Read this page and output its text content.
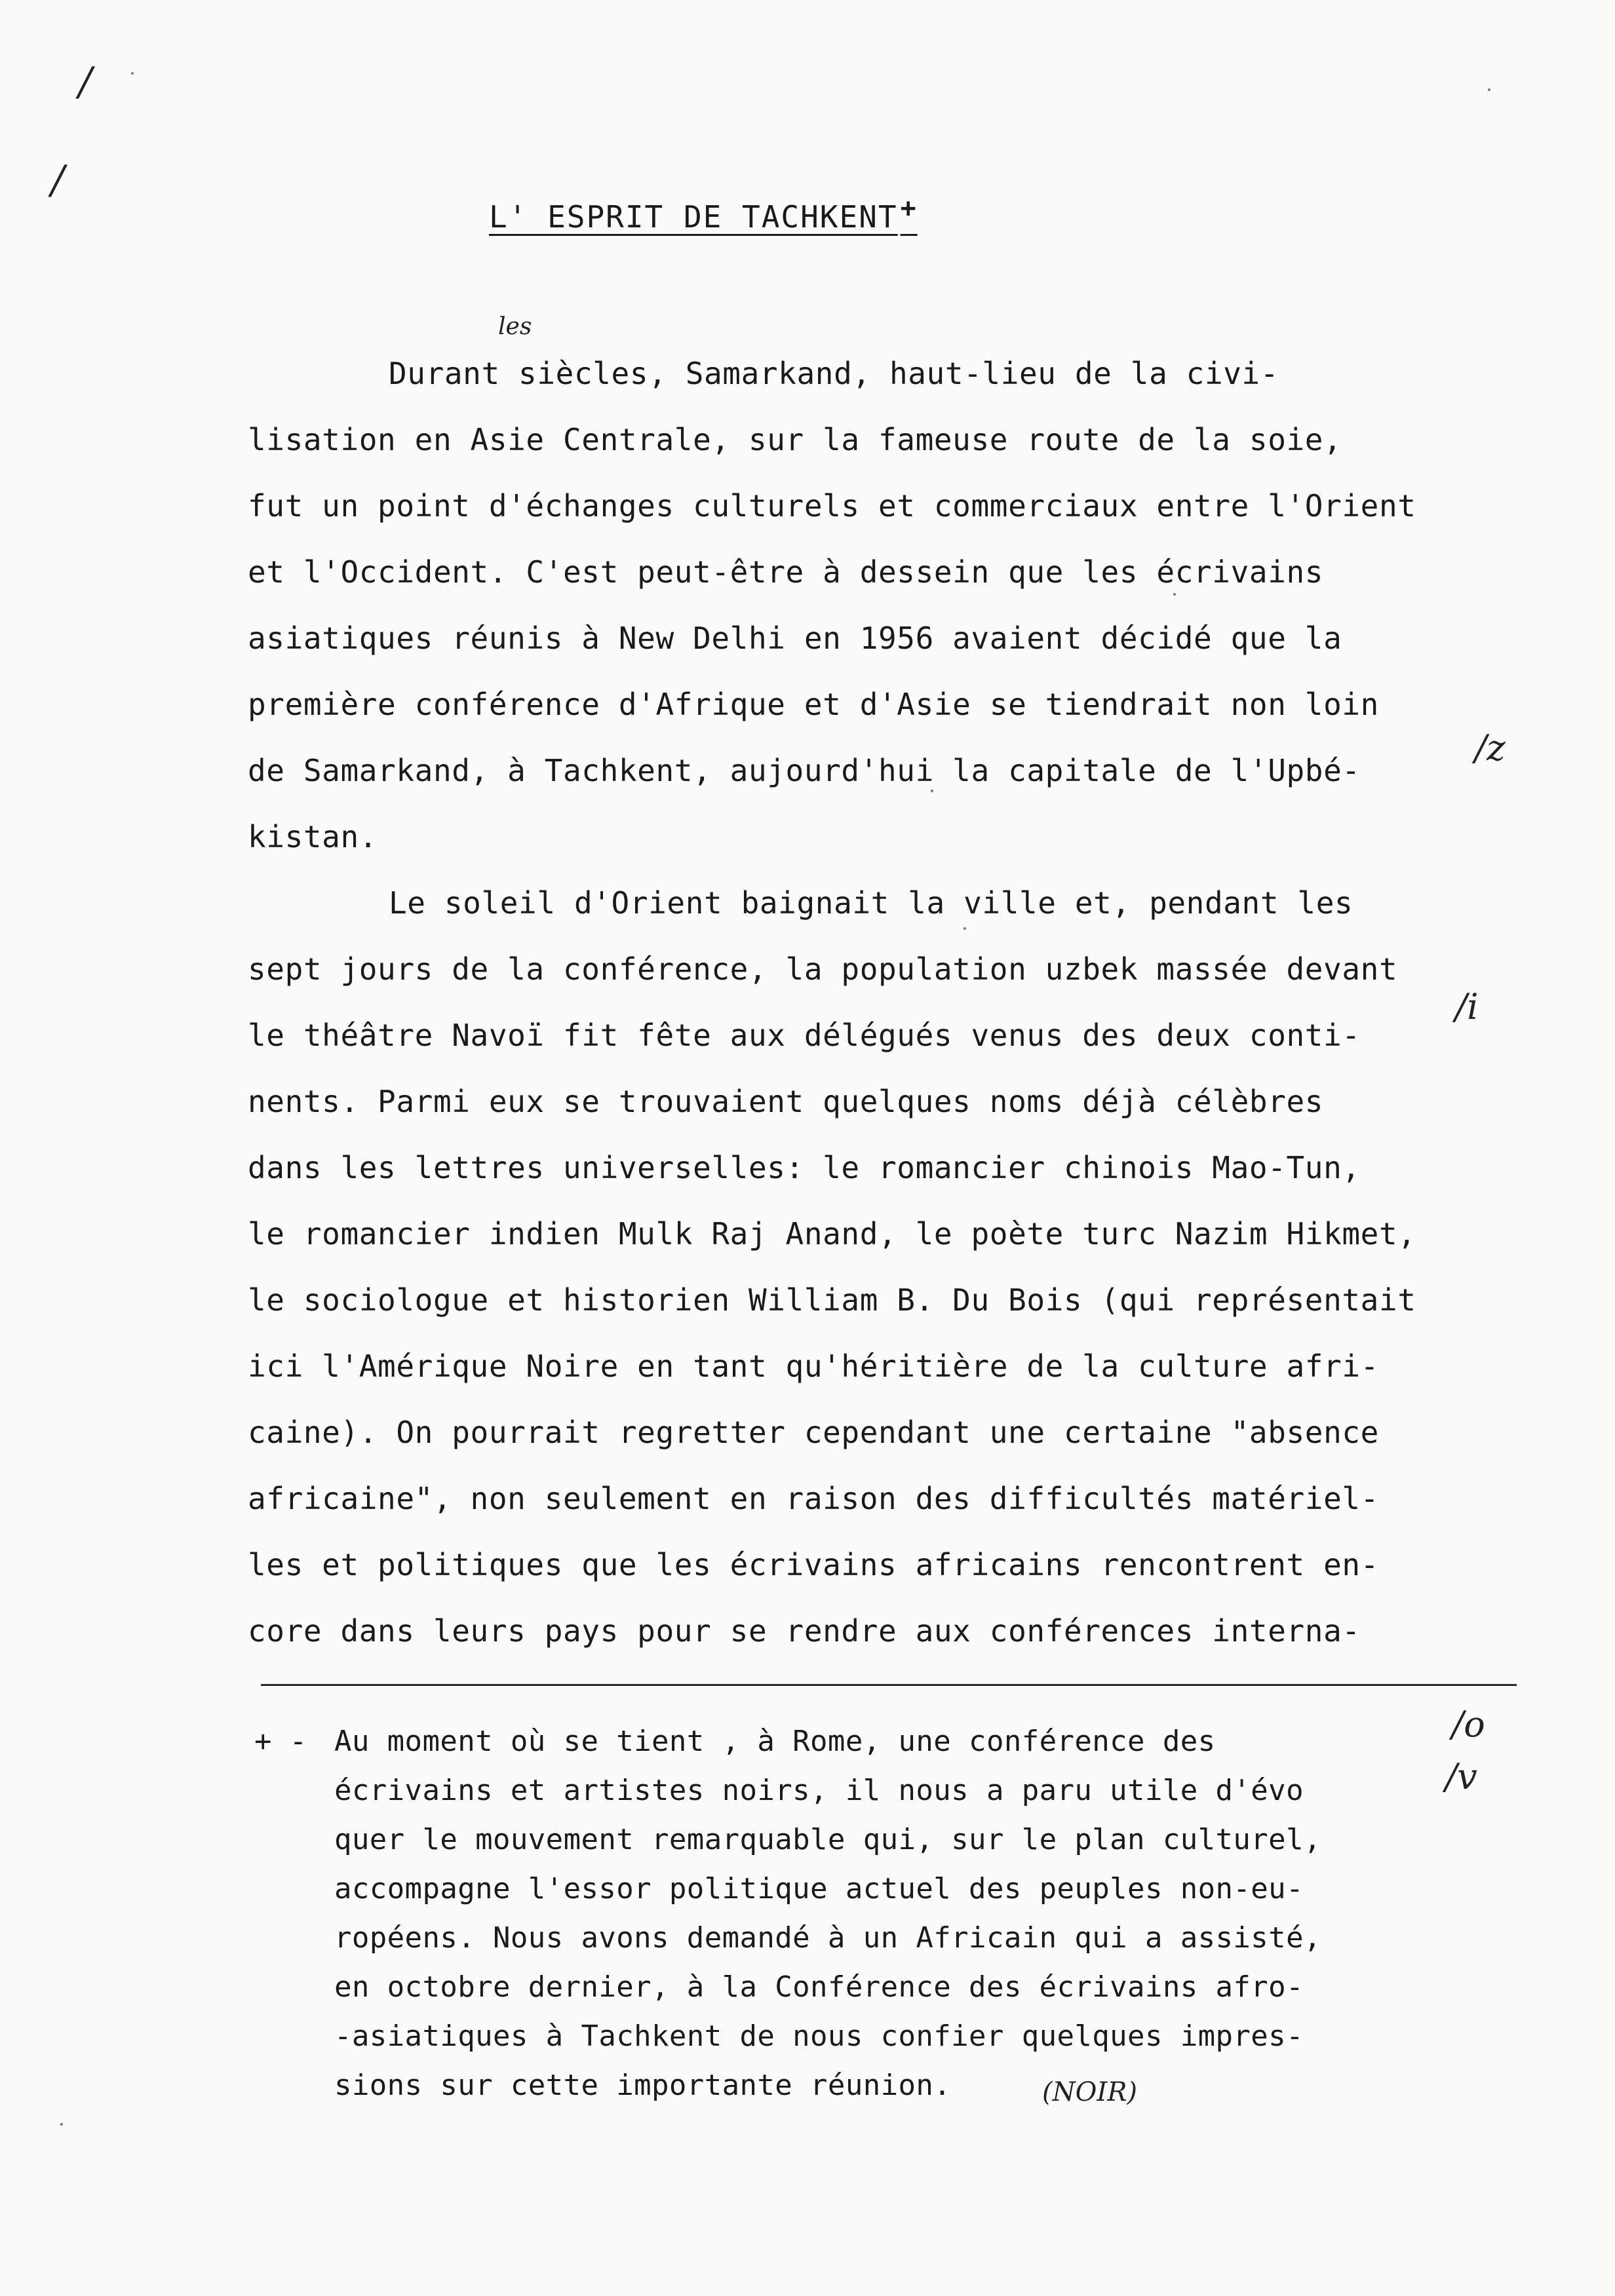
/
/
L' ESPRIT DE TACHKENT +
les
/z
/i
/o
/v
(NOIR)
Durant siècles, Samarkand, haut-lieu de la civi-
lisation en Asie Centrale, sur la fameuse route de la soie,
fut un point d'échanges culturels et commerciaux entre l'Orient
et l'Occident. C'est peut-être à dessein que les écrivains
asiatiques réunis à New Delhi en 1956 avaient décidé que la
première conférence d'Afrique et d'Asie se tiendrait non loin
de Samarkand, à Tachkent, aujourd'hui la capitale de l'Upbé-
kistan.
Le soleil d'Orient baignait la ville et, pendant les
sept jours de la conférence, la population uzbek massée devant
le théâtre Navoï fit fête aux délégués venus des deux conti-
nents. Parmi eux se trouvaient quelques noms déjà célèbres
dans les lettres universelles: le romancier chinois Mao-Tun,
le romancier indien Mulk Raj Anand, le poète turc Nazim Hikmet,
le sociologue et historien William B. Du Bois (qui représentait
ici l'Amérique Noire en tant qu'héritière de la culture afri-
caine). On pourrait regretter cependant une certaine "absence
africaine", non seulement en raison des difficultés matériel-
les et politiques que les écrivains africains rencontrent en-
core dans leurs pays pour se rendre aux conférences interna-
+ - Au moment où se tient , à Rome, une conférence des
écrivains et artistes noirs, il nous a paru utile d'évo
quer le mouvement remarquable qui, sur le plan culturel,
accompagne l'essor politique actuel des peuples non-eu-
ropéens. Nous avons demandé à un Africain qui a assisté,
en octobre dernier, à la Conférence des écrivains afro-
-asiatiques à Tachkent de nous confier quelques impres-
sions sur cette importante réunion.
